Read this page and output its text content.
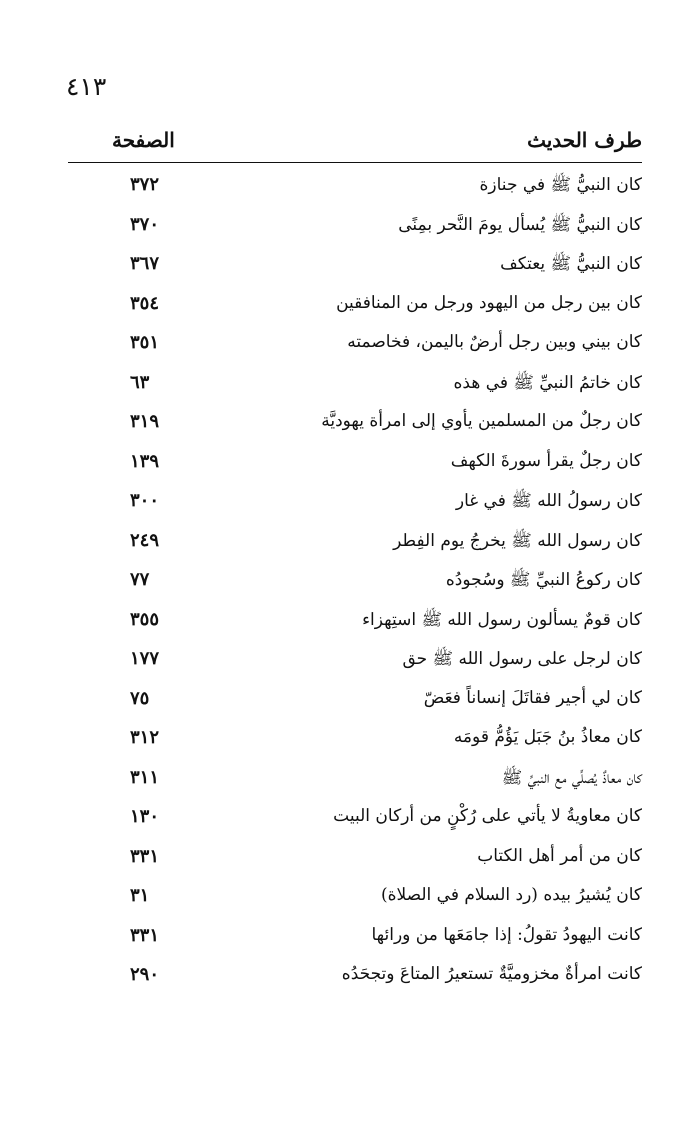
٤١٣
طرف الحديث
الصفحة
كان النبيُّ ﷺ في جنازة
٣٧٢
كان النبيُّ ﷺ يُسأل يومَ النَّحر بمِنًى
٣٧٠
كان النبيُّ ﷺ يعتكف
٣٦٧
كان بين رجل من اليهود ورجل من المنافقين
٣٥٤
كان بيني وبين رجل أرضٌ باليمن، فخاصمته
٣٥١
كان خاتمُ النبيِّ ﷺ في هذه
٦٣
كان رجلٌ من المسلمين يأوي إلى امرأة يهوديَّة
٣١٩
كان رجلٌ يقرأ سورةَ الكهف
١٣٩
كان رسولُ الله ﷺ في غار
٣٠٠
كان رسول الله ﷺ يخرجُ يوم الفِطر
٢٤٩
كان ركوعُ النبيِّ ﷺ وسُجودُه
٧٧
كان قومٌ يسألون رسول الله ﷺ استِهزاء
٣٥٥
كان لرجل على رسول الله ﷺ حق
١٧٧
كان لي أجير فقاتَلَ إنساناً فعَضّ
٧٥
كان معاذُ بنُ جَبَل يَؤُمُّ قومَه
٣١٢
كان معاذٌ يُصلِّي مع النبيِّ ﷺ
٣١١
كان معاويةُ لا يأتي على رُكْنٍ من أركان البيت
١٣٠
كان من أمر أهل الكتاب
٣٣١
كان يُشيرُ بيده (رد السلام في الصلاة)
٣١
كانت اليهودُ تقولُ: إذا جامَعَها من ورائها
٣٣١
كانت امرأةٌ مخزوميَّةٌ تستعيرُ المتاعَ وتجحَدُه
٢٩٠
